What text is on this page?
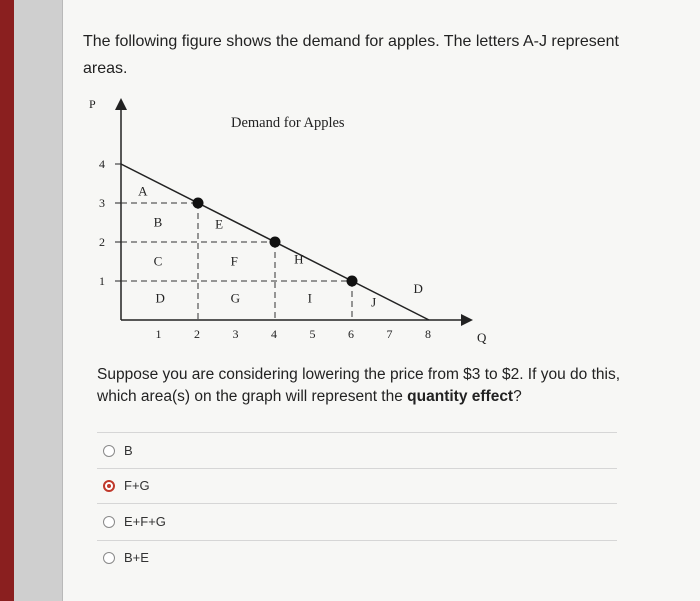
The following figure shows the demand for apples. The letters A-J represent
areas.
P
Q
Demand for Apples
1
2
3
4
1	2	3	4	5	6	7	8
A
B
C
D
E
F
G
H
I	J
D
Suppose you are considering lowering the price from $3 to $2. If you do this, which area(s) on the graph will represent the quantity effect?
B
F+G
E+F+G
B+E
